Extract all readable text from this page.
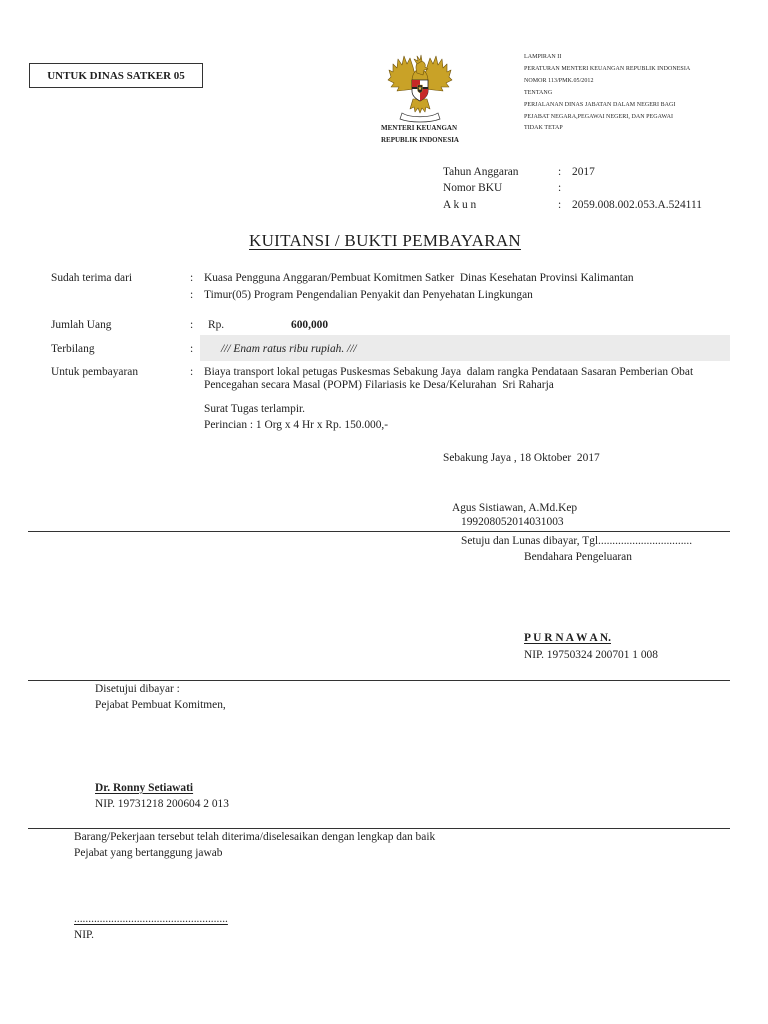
UNTUK DINAS SATKER 05
MENTERI KEUANGAN
REPUBLIK INDONESIA
LAMPIRAN II
PERATURAN MENTERI KEUANGAN REPUBLIK INDONESIA
NOMOR 113/PMK.05/2012
TENTANG
PERJALANAN DINAS JABATAN DALAM NEGERI BAGI
PEJABAT NEGARA,PEGAWAI NEGERI, DAN PEGAWAI
TIDAK TETAP
Tahun Anggaran	: 2017
Nomor BKU	:
A k u n	: 2059.008.002.053.A.524111
KUITANSI / BUKTI PEMBAYARAN
Sudah terima dari	: Kuasa Pengguna Anggaran/Pembuat Komitmen Satker  Dinas Kesehatan Provinsi Kalimantan
: Timur(05) Program Pengendalian Penyakit dan Penyehatan Lingkungan
Jumlah Uang	: Rp.	600,000
Terbilang	: /// Enam ratus ribu rupiah. ///
Untuk pembayaran	: Biaya transport lokal petugas Puskesmas Sebakung Jaya  dalam rangka Pendataan Sasaran Pemberian Obat
Pencegahan secara Masal (POPM) Filariasis ke Desa/Kelurahan  Sri Raharja
Surat Tugas terlampir.
Perincian : 1 Org x 4 Hr x Rp. 150.000,-
Sebakung Jaya , 18 Oktober  2017
Agus Sistiawan, A.Md.Kep
199208052014031003
Setuju dan Lunas dibayar, Tgl.................................
Bendahara Pengeluaran
P U R N A W A N.
NIP. 19750324 200701 1 008
Disetujui dibayar :
Pejabat Pembuat Komitmen,
Dr. Ronny Setiawati
NIP. 19731218 200604 2 013
Barang/Pekerjaan tersebut telah diterima/diselesaikan dengan lengkap dan baik
Pejabat yang bertanggung jawab
......................................................
NIP.
